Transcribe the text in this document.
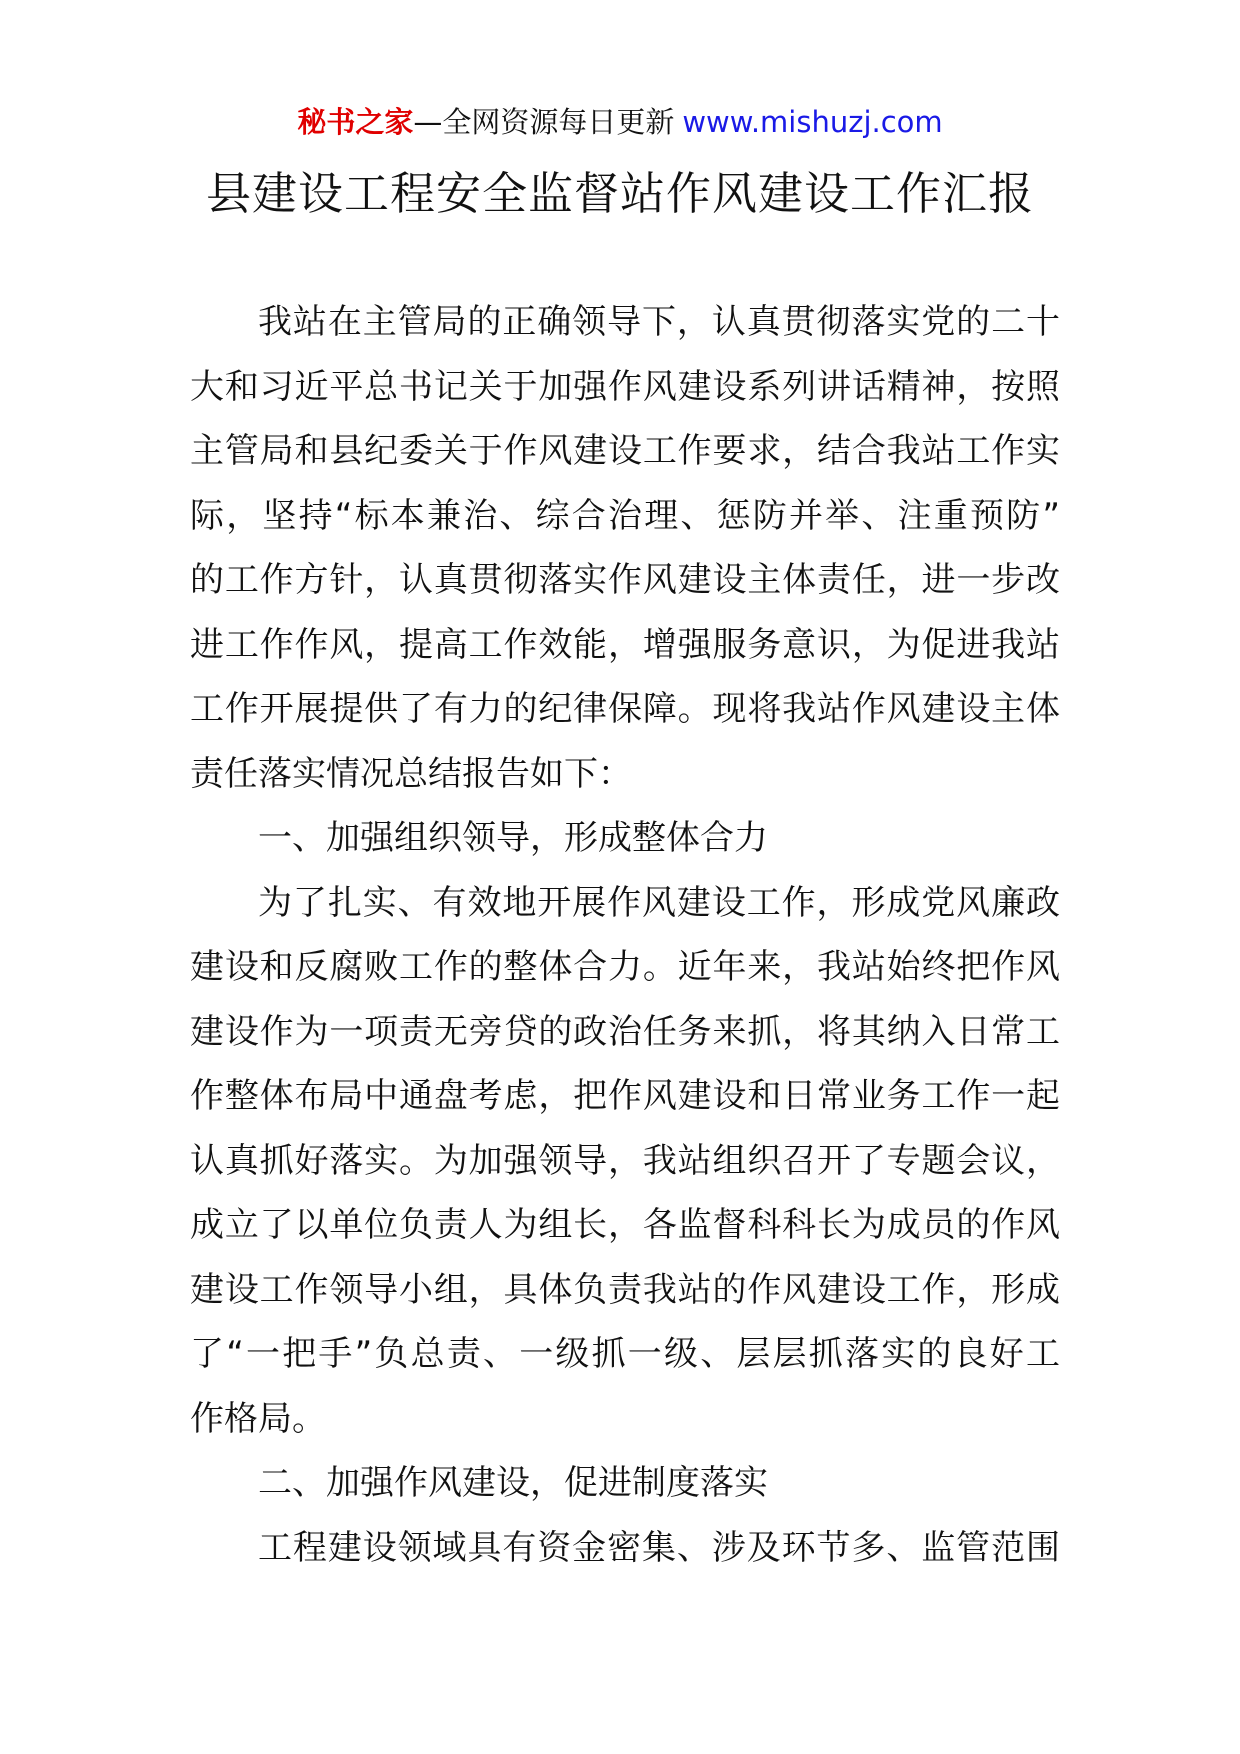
秘书之家—全网资源每日更新 www.mishuzj.com
县建设工程安全监督站作风建设工作汇报
我站在主管局的正确领导下，认真贯彻落实党的二十
大和习近平总书记关于加强作风建设系列讲话精神，按照
主管局和县纪委关于作风建设工作要求，结合我站工作实
际，坚持“标本兼治、综合治理、惩防并举、注重预防”
的工作方针，认真贯彻落实作风建设主体责任，进一步改
进工作作风，提高工作效能，增强服务意识，为促进我站
工作开展提供了有力的纪律保障。现将我站作风建设主体
责任落实情况总结报告如下：
一、加强组织领导，形成整体合力
为了扎实、有效地开展作风建设工作，形成党风廉政
建设和反腐败工作的整体合力。近年来，我站始终把作风
建设作为一项责无旁贷的政治任务来抓，将其纳入日常工
作整体布局中通盘考虑，把作风建设和日常业务工作一起
认真抓好落实。为加强领导，我站组织召开了专题会议，
成立了以单位负责人为组长，各监督科科长为成员的作风
建设工作领导小组，具体负责我站的作风建设工作，形成
了“一把手”负总责、一级抓一级、层层抓落实的良好工
作格局。
二、加强作风建设，促进制度落实
工程建设领域具有资金密集、涉及环节多、监管范围
